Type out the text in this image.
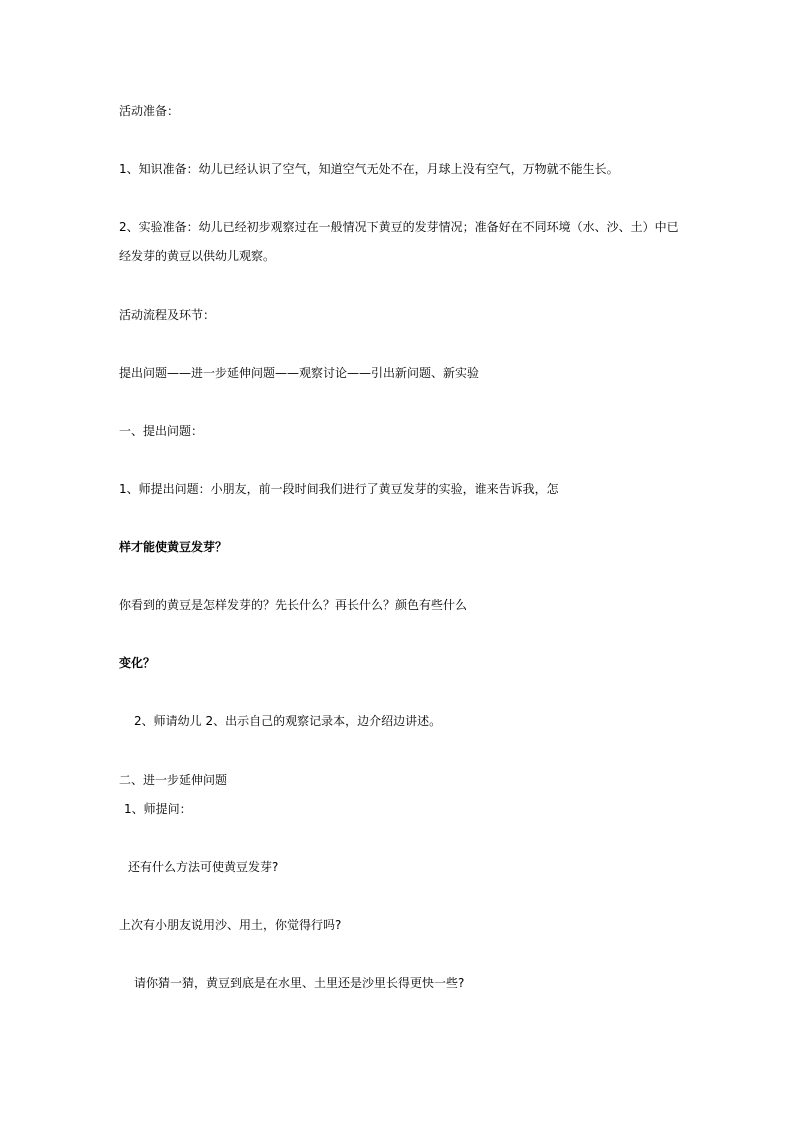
活动准备：
1、知识准备：幼儿已经认识了空气，知道空气无处不在，月球上没有空气，万物就不能生长。
2、实验准备：幼儿已经初步观察过在一般情况下黄豆的发芽情况；准备好在不同环境（水、沙、土）中已
经发芽的黄豆以供幼儿观察。
活动流程及环节：
提出问题——进一步延伸问题——观察讨论——引出新问题、新实验
一、提出问题：
1、师提出问题：小朋友，前一段时间我们进行了黄豆发芽的实验，谁来告诉我，怎
样才能使黄豆发芽？
你看到的黄豆是怎样发芽的？先长什么？再长什么？颜色有些什么
变化？
2、师请幼儿 2、出示自己的观察记录本，边介绍边讲述。
二、进一步延伸问题
1、师提问：
还有什么方法可使黄豆发芽?
上次有小朋友说用沙、用土，你觉得行吗?
请你猜一猜，黄豆到底是在水里、土里还是沙里长得更快一些?
